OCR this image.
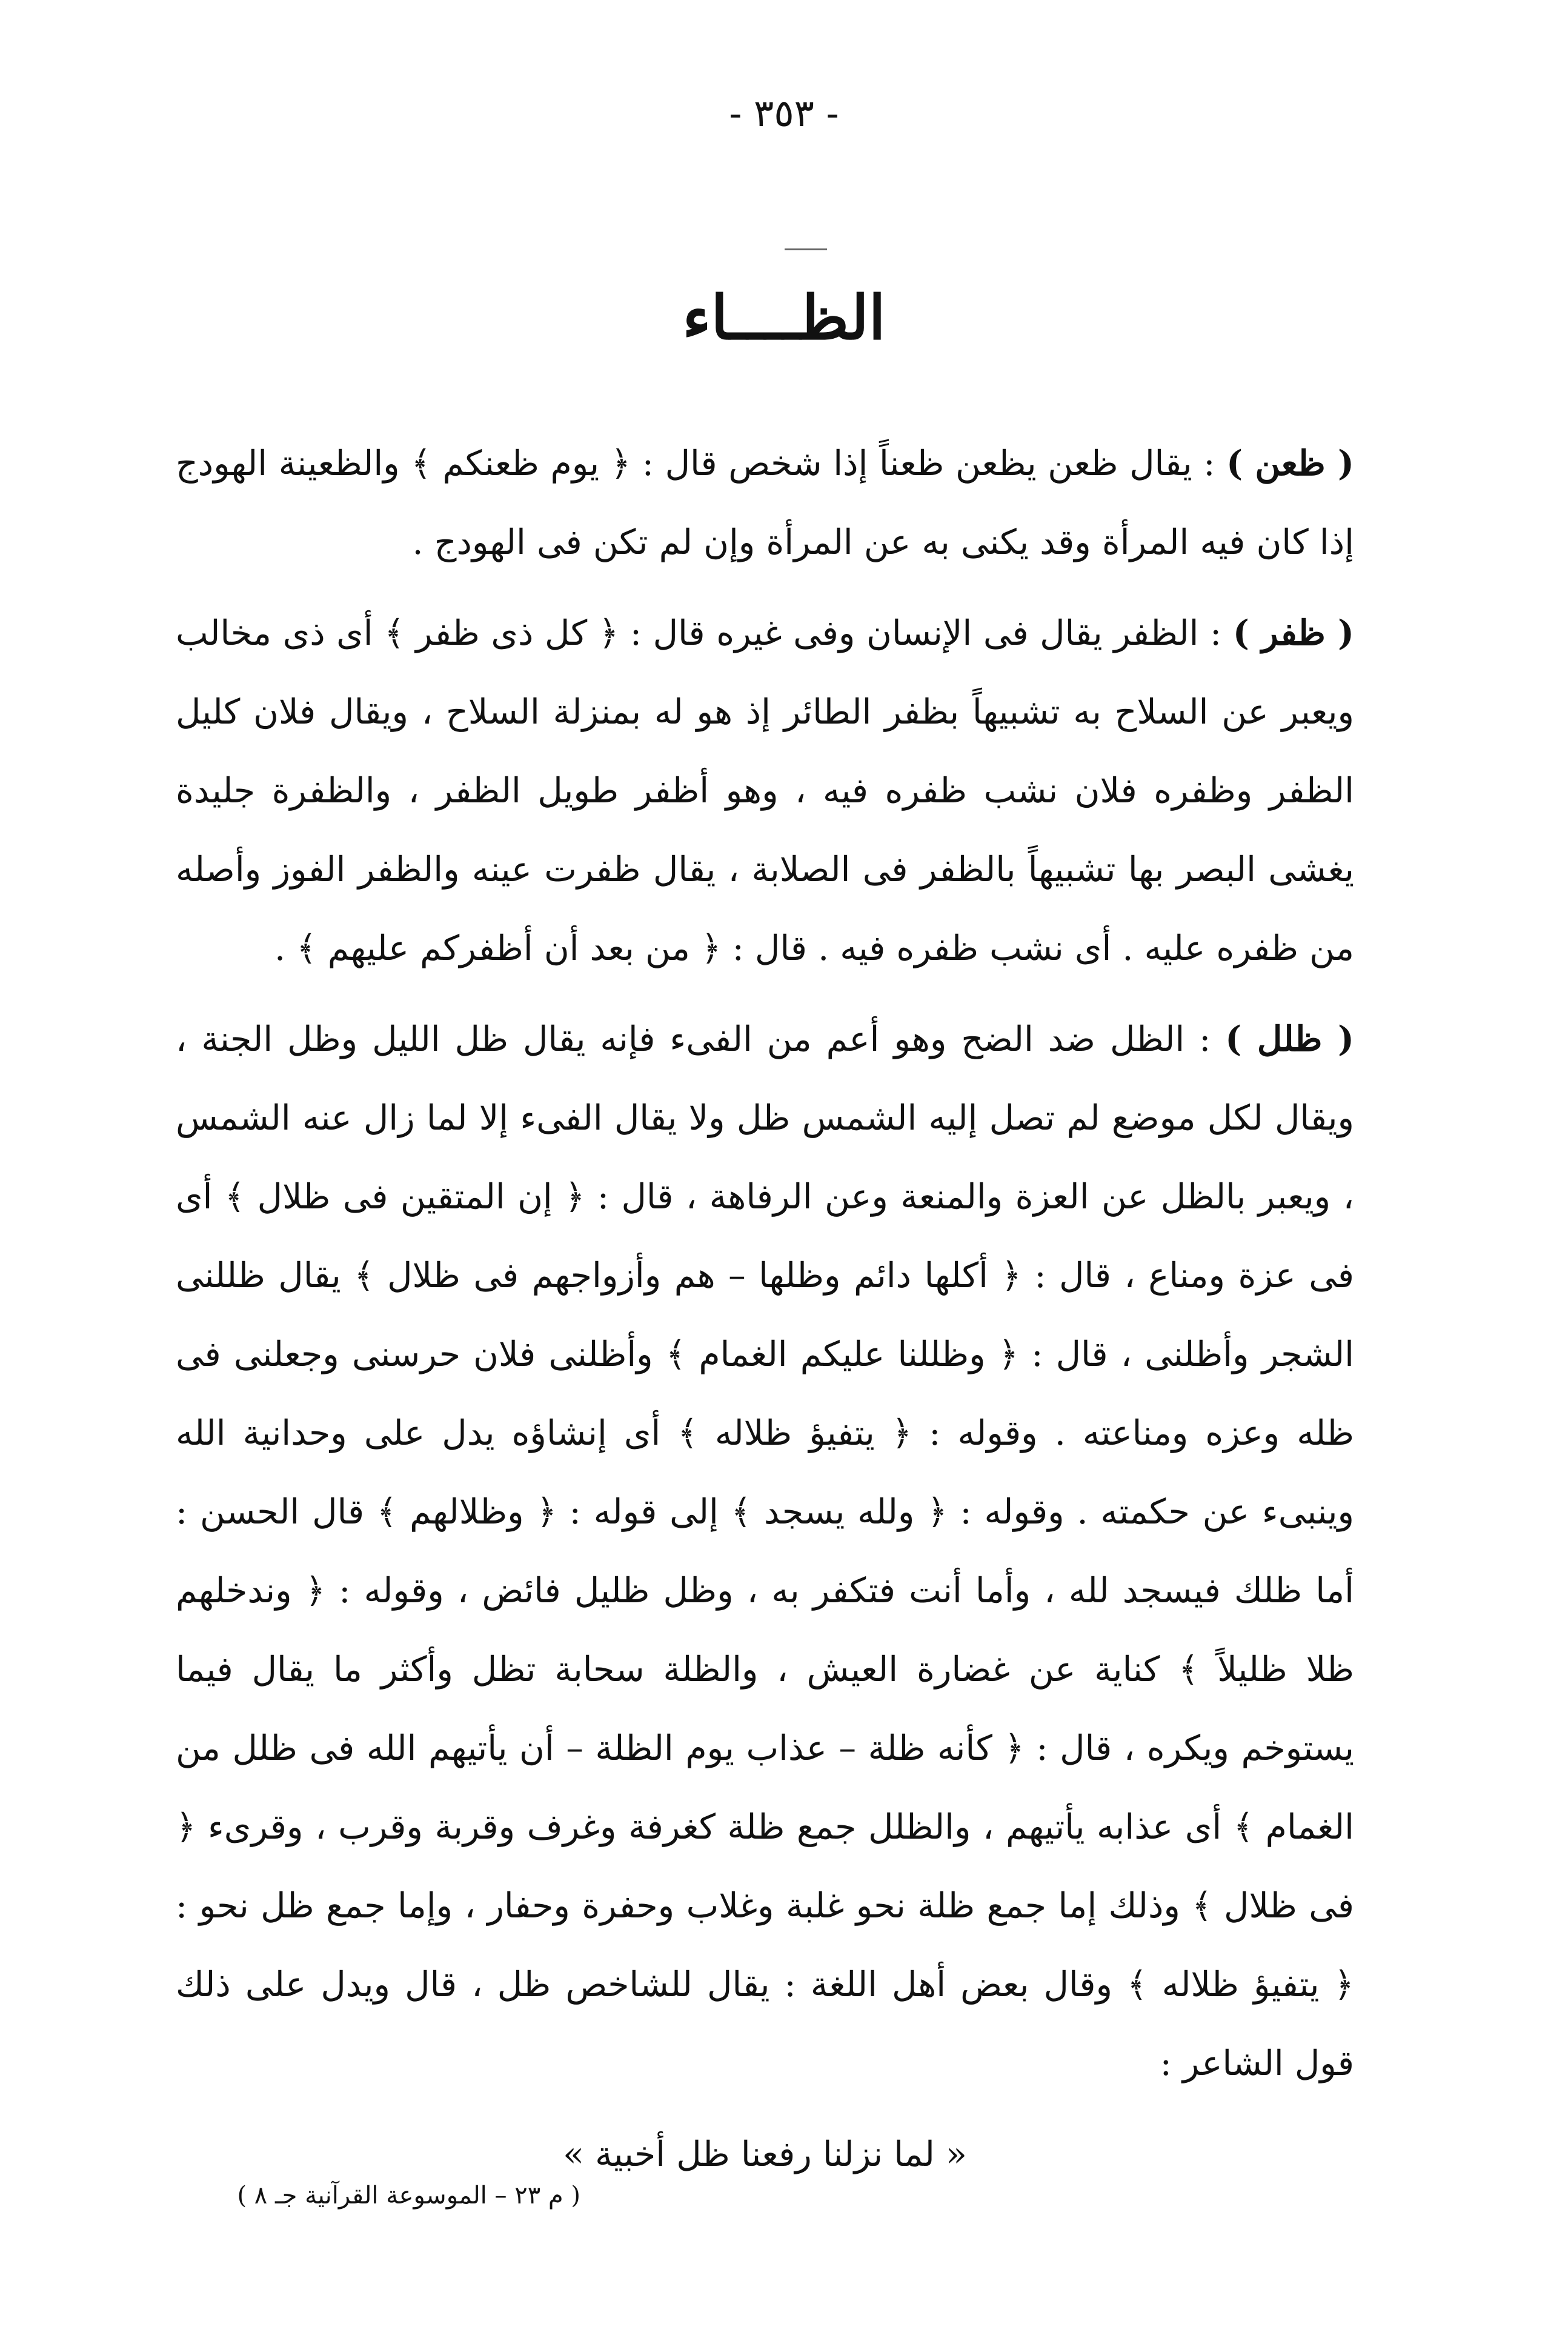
- ٣٥٣ -
الظــــاء

( ظعن ) : يقال ظعن يظعن ظعناً إذا شخص قال : ﴿ يوم ظعنكم ﴾ والظعينة الهودج إذا كان فيه المرأة وقد يكنى به عن المرأة وإن لم تكن فى الهودج .

( ظفر ) : الظفر يقال فى الإنسان وفى غيره قال : ﴿ كل ذى ظفر ﴾ أى ذى مخالب ويعبر عن السلاح به تشبيهاً بظفر الطائر إذ هو له بمنزلة السلاح ، ويقال فلان كليل الظفر وظفره فلان نشب ظفره فيه ، وهو أظفر طويل الظفر ، والظفرة جليدة يغشى البصر بها تشبيهاً بالظفر فى الصلابة ، يقال ظفرت عينه والظفر الفوز وأصله من ظفره عليه . أى نشب ظفره فيه . قال : ﴿ من بعد أن أظفركم عليهم ﴾ .

( ظلل ) : الظل ضد الضح وهو أعم من الفىء فإنه يقال ظل الليل وظل الجنة ، ويقال لكل موضع لم تصل إليه الشمس ظل ولا يقال الفىء إلا لما زال عنه الشمس ، ويعبر بالظل عن العزة والمنعة وعن الرفاهة ، قال : ﴿ إن المتقين فى ظلال ﴾ أى فى عزة ومناع ، قال : ﴿ أكلها دائم وظلها – هم وأزواجهم فى ظلال ﴾ يقال ظللنى الشجر وأظلنى ، قال : ﴿ وظللنا عليكم الغمام ﴾ وأظلنى فلان حرسنى وجعلنى فى ظله وعزه ومناعته . وقوله : ﴿ يتفيؤ ظلاله ﴾ أى إنشاؤه يدل على وحدانية الله وينبىء عن حكمته . وقوله : ﴿ ولله يسجد ﴾ إلى قوله : ﴿ وظلالهم ﴾ قال الحسن : أما ظلك فيسجد لله ، وأما أنت فتكفر به ، وظل ظليل فائض ، وقوله : ﴿ وندخلهم ظلا ظليلاً ﴾ كناية عن غضارة العيش ، والظلة سحابة تظل وأكثر ما يقال فيما يستوخم ويكره ، قال : ﴿ كأنه ظلة – عذاب يوم الظلة – أن يأتيهم الله فى ظلل من الغمام ﴾ أى عذابه يأتيهم ، والظلل جمع ظلة كغرفة وغرف وقربة وقرب ، وقرىء ﴿ فى ظلال ﴾ وذلك إما جمع ظلة نحو غلبة وغلاب وحفرة وحفار ، وإما جمع ظل نحو : ﴿ يتفيؤ ظلاله ﴾ وقال بعض أهل اللغة : يقال للشاخص ظل ، قال ويدل على ذلك قول الشاعر :

« لما نزلنا رفعنا ظل أخبية »

( م ٢٣ – الموسوعة القرآنية جـ ٨ )
